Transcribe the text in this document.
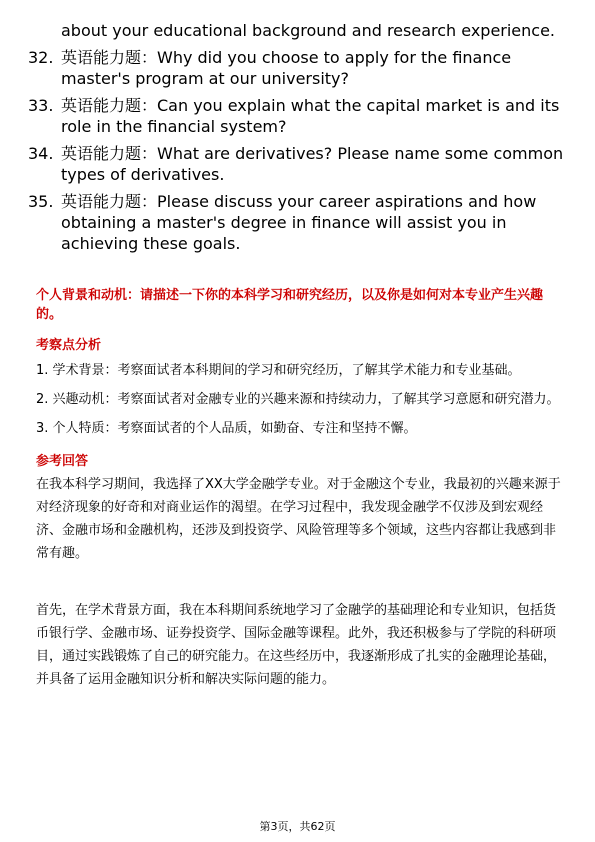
about your educational background and research experience.
32. 英语能力题：Why did you choose to apply for the finance master's program at our university?
33. 英语能力题：Can you explain what the capital market is and its role in the financial system?
34. 英语能力题：What are derivatives? Please name some common types of derivatives.
35. 英语能力题：Please discuss your career aspirations and how obtaining a master's degree in finance will assist you in achieving these goals.
个人背景和动机：请描述一下你的本科学习和研究经历，以及你是如何对本专业产生兴趣的。
考察点分析
1. 学术背景：考察面试者本科期间的学习和研究经历，了解其学术能力和专业基础。
2. 兴趣动机：考察面试者对金融专业的兴趣来源和持续动力，了解其学习意愿和研究潜力。
3. 个人特质：考察面试者的个人品质，如勤奋、专注和坚持不懈。
参考回答
在我本科学习期间，我选择了XX大学金融学专业。对于金融这个专业，我最初的兴趣来源于对经济现象的好奇和对商业运作的渴望。在学习过程中，我发现金融学不仅涉及到宏观经济、金融市场和金融机构，还涉及到投资学、风险管理等多个领域，这些内容都让我感到非常有趣。
首先，在学术背景方面，我在本科期间系统地学习了金融学的基础理论和专业知识，包括货币银行学、金融市场、证券投资学、国际金融等课程。此外，我还积极参与了学院的科研项目，通过实践锻炼了自己的研究能力。在这些经历中，我逐渐形成了扎实的金融理论基础，并具备了运用金融知识分析和解决实际问题的能力。
第3页，共62页
